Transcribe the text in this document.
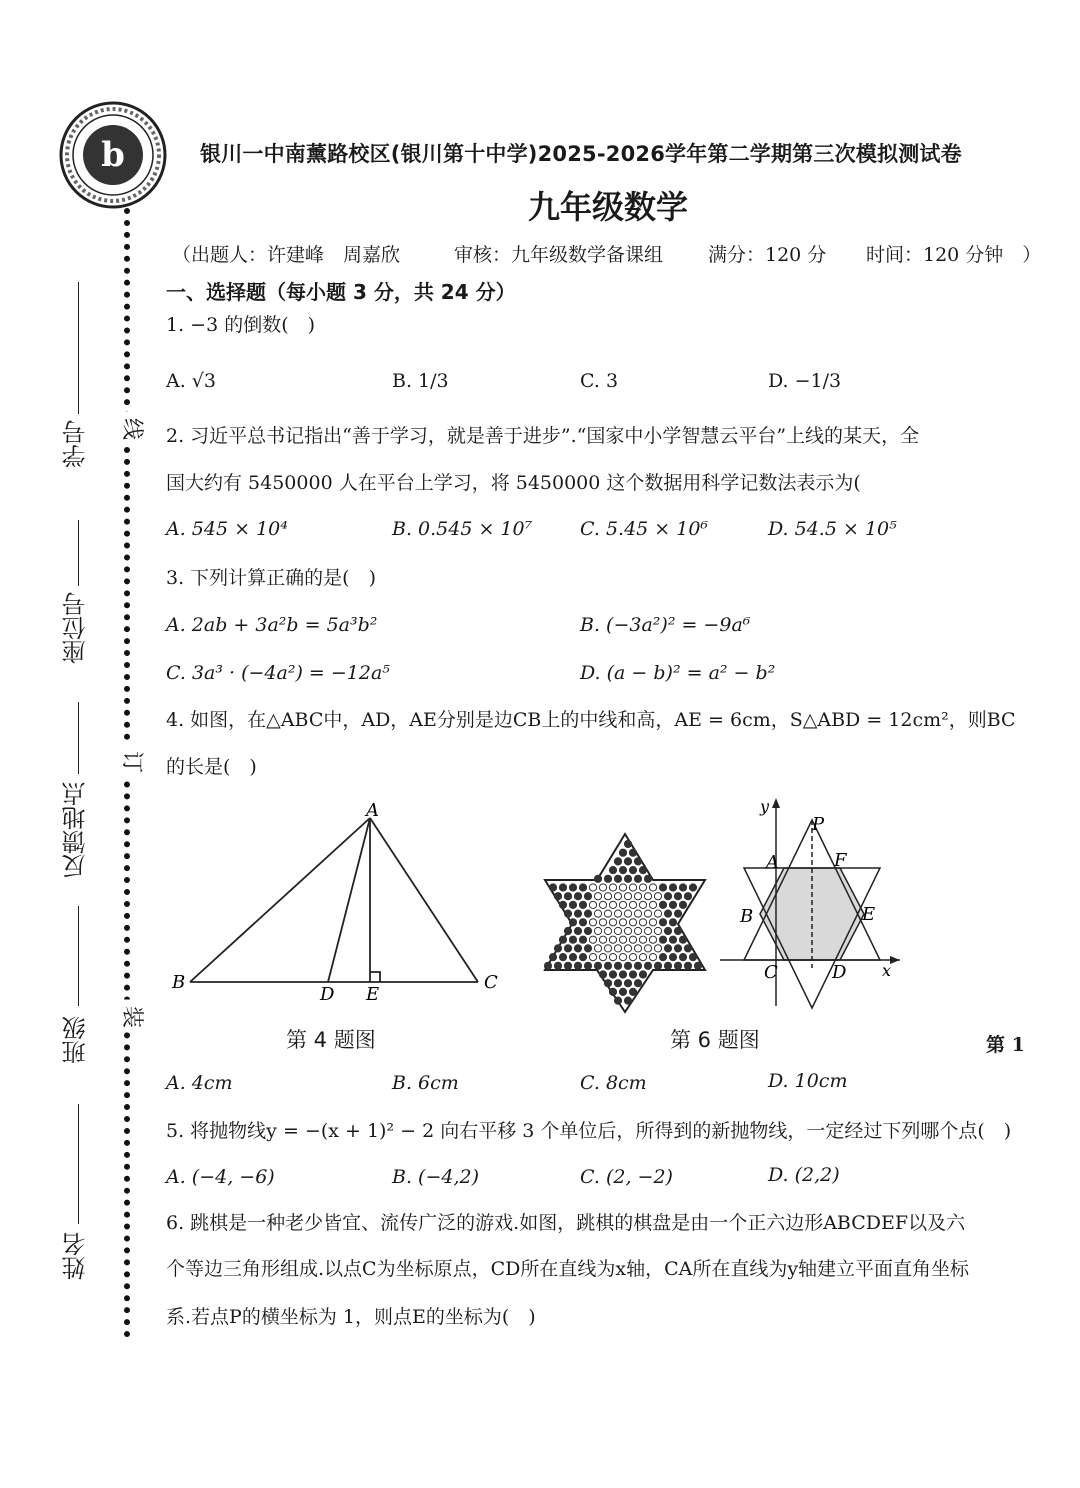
b
线
订
装
学号
座位号
反馈地点
班级
姓名
银川一中南薰路校区(银川第十中学)2025-2026学年第二学期第三次模拟测试卷
九年级数学
（出题人：许建峰　周嘉欣	审核：九年级数学备课组 满分：120 分 时间：120 分钟　）
一、选择题（每小题 3 分，共 24 分）
1. −3 的倒数(　)
A. √3	B. 1/3	C. 3	D. −1/3
2. 习近平总书记指出“善于学习，就是善于进步”.“国家中小学智慧云平台”上线的某天，全
国大约有 5450000 人在平台上学习，将 5450000 这个数据用科学记数法表示为(
A. 545 × 10⁴	B. 0.545 × 10⁷	C. 5.45 × 10⁶	D. 54.5 × 10⁵
3. 下列计算正确的是(　)
A. 2ab + 3a²b = 5a³b²	B. (−3a²)² = −9a⁶
C. 3a³ · (−4a²) = −12a⁵	D. (a − b)² = a² − b²
4. 如图，在△ABC中，AD，AE分别是边CB上的中线和高，AE = 6cm，S△ABD = 12cm²，则BC
的长是(　)
A
B	C
D E
第 4 题图
y
x
P
A	F
B	E
C	D
第 6 题图
A. 4cm	B. 6cm	C. 8cm	D. 10cm
5. 将抛物线y = −(x + 1)² − 2 向右平移 3 个单位后，所得到的新抛物线，一定经过下列哪个点(　)
A. (−4, −6)	B. (−4,2)	C. (2, −2)	D. (2,2)
6. 跳棋是一种老少皆宜、流传广泛的游戏.如图，跳棋的棋盘是由一个正六边形ABCDEF以及六
个等边三角形组成.以点C为坐标原点，CD所在直线为x轴，CA所在直线为y轴建立平面直角坐标
系.若点P的横坐标为 1，则点E的坐标为(　)
第 1
